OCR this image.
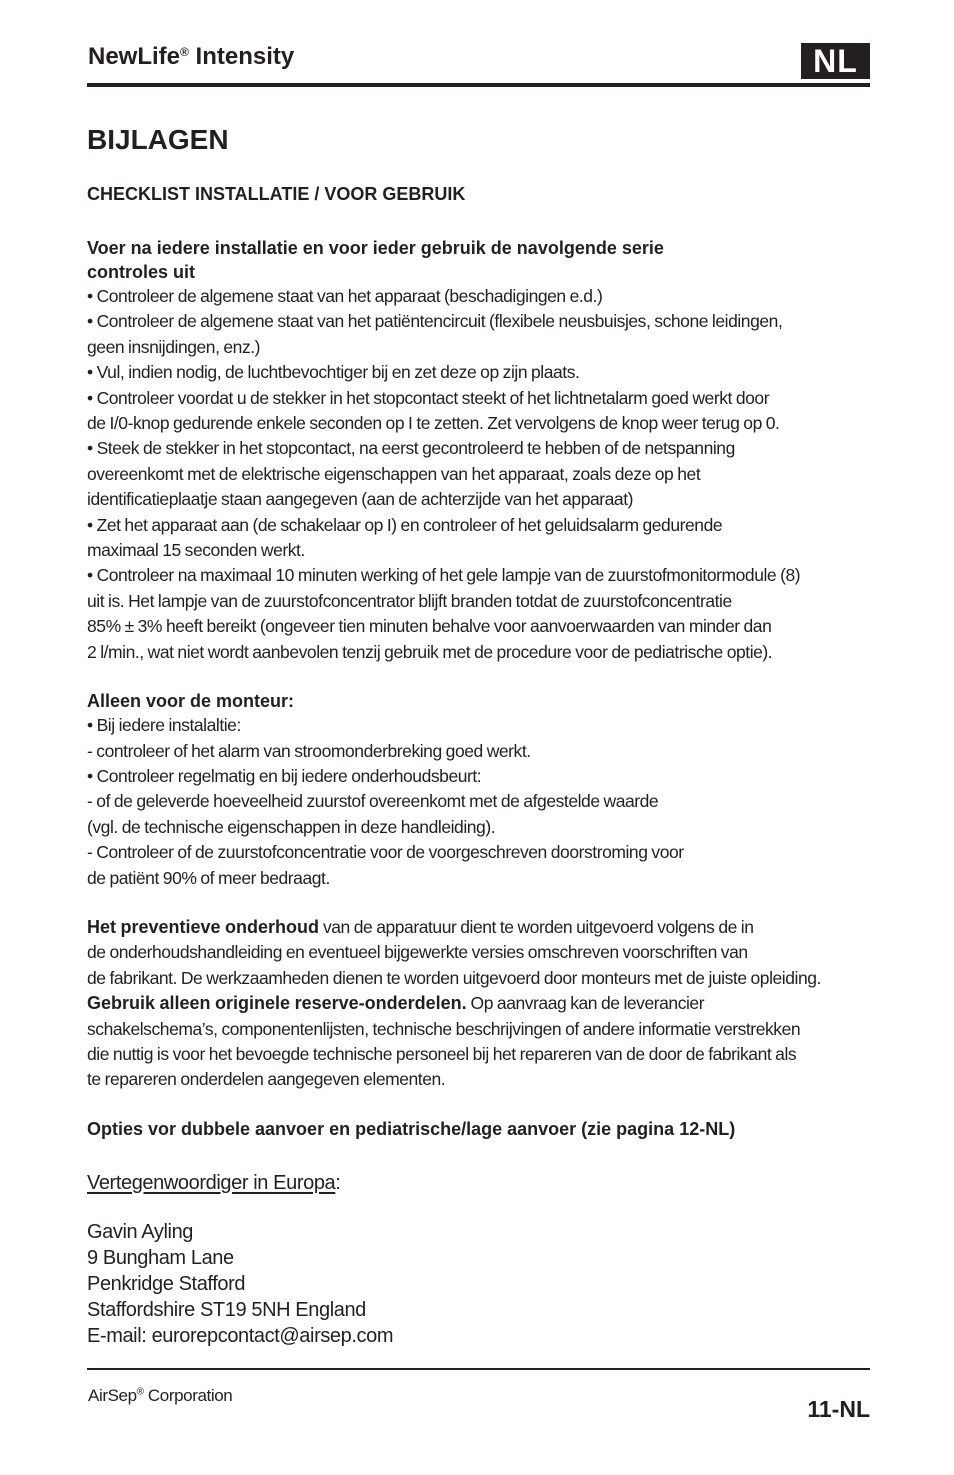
NewLife® Intensity	NL
BIJLAGEN
CHECKLIST INSTALLATIE / VOOR GEBRUIK

Voer na iedere installatie en voor ieder gebruik de navolgende serie

controles uit

• Controleer de algemene staat van het apparaat (beschadigingen e.d.)
• Controleer de algemene staat van het patiëntencircuit (flexibele neusbuisjes, schone leidingen,
geen insnijdingen, enz.)
• Vul, indien nodig, de luchtbevochtiger bij en zet deze op zijn plaats.
• Controleer voordat u de stekker in het stopcontact steekt of het lichtnetalarm goed werkt door
de I/0-knop gedurende enkele seconden op I te zetten. Zet vervolgens de knop weer terug op 0.
• Steek de stekker in het stopcontact, na eerst gecontroleerd te hebben of de netspanning
overeenkomt met de elektrische eigenschappen van het apparaat, zoals deze op het
identificatieplaatje staan aangegeven (aan de achterzijde van het apparaat)
• Zet het apparaat aan (de schakelaar op I) en controleer of het geluidsalarm gedurende
maximaal 15 seconden werkt.
• Controleer na maximaal 10 minuten werking of het gele lampje van de zuurstofmonitormodule (8)
uit is. Het lampje van de zuurstofconcentrator blijft branden totdat de zuurstofconcentratie
85% ± 3% heeft bereikt (ongeveer tien minuten behalve voor aanvoerwaarden van minder dan
2 l/min., wat niet wordt aanbevolen tenzij gebruik met de procedure voor de pediatrische optie).

Alleen voor de monteur:

• Bij iedere instalaltie:
- controleer of het alarm van stroomonderbreking goed werkt.
• Controleer regelmatig en bij iedere onderhoudsbeurt:
- of de geleverde hoeveelheid zuurstof overeenkomt met de afgestelde waarde
(vgl. de technische eigenschappen in deze handleiding).
- Controleer of de zuurstofconcentratie voor de voorgeschreven doorstroming voor
de patiënt 90% of meer bedraagt.
Het preventieve onderhoud van de apparatuur dient te worden uitgevoerd volgens de in
de onderhoudshandleiding en eventueel bijgewerkte versies omschreven voorschriften van
de fabrikant. De werkzaamheden dienen te worden uitgevoerd door monteurs met de juiste opleiding.
Gebruik alleen originele reserve-onderdelen. Op aanvraag kan de leverancier
schakelschema’s, componentenlijsten, technische beschrijvingen of andere informatie verstrekken
die nuttig is voor het bevoegde technische personeel bij het repareren van de door de fabrikant als
te repareren onderdelen aangegeven elementen.

Opties vor dubbele aanvoer en pediatrische/lage aanvoer (zie pagina 12-NL)

Vertegenwoordiger in Europa:

Gavin Ayling
9 Bungham Lane
Penkridge Stafford
Staffordshire ST19 5NH England
E-mail: eurorepcontact@airsep.com
AirSep® Corporation
11-NL
